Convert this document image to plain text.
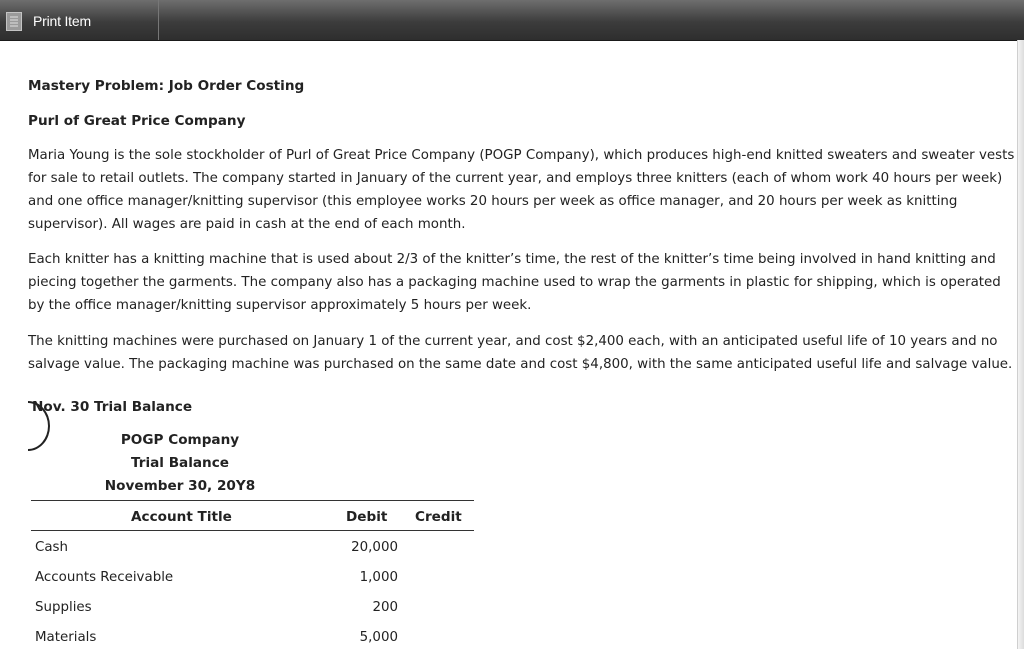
Print Item
Mastery Problem: Job Order Costing
Purl of Great Price Company

Maria Young is the sole stockholder of Purl of Great Price Company (POGP Company), which produces high-end knitted sweaters and sweater vests for sale to retail outlets. The company started in January of the current year, and employs three knitters (each of whom work 40 hours per week) and one office manager/knitting supervisor (this employee works 20 hours per week as office manager, and 20 hours per week as knitting supervisor). All wages are paid in cash at the end of each month.

Each knitter has a knitting machine that is used about 2/3 of the knitter’s time, the rest of the knitter’s time being involved in hand knitting and piecing together the garments. The company also has a packaging machine used to wrap the garments in plastic for shipping, which is operated by the office manager/knitting supervisor approximately 5 hours per week.

The knitting machines were purchased on January 1 of the current year, and cost $2,400 each, with an anticipated useful life of 10 years and no salvage value. The packaging machine was purchased on the same date and cost $4,800, with the same anticipated useful life and salvage value.

Nov. 30 Trial Balance
POGP Company
Trial Balance
November 30, 20Y8
Account Title	Debit Credit
Cash	20,000
Accounts Receivable	1,000
Supplies	200
Materials	5,000
